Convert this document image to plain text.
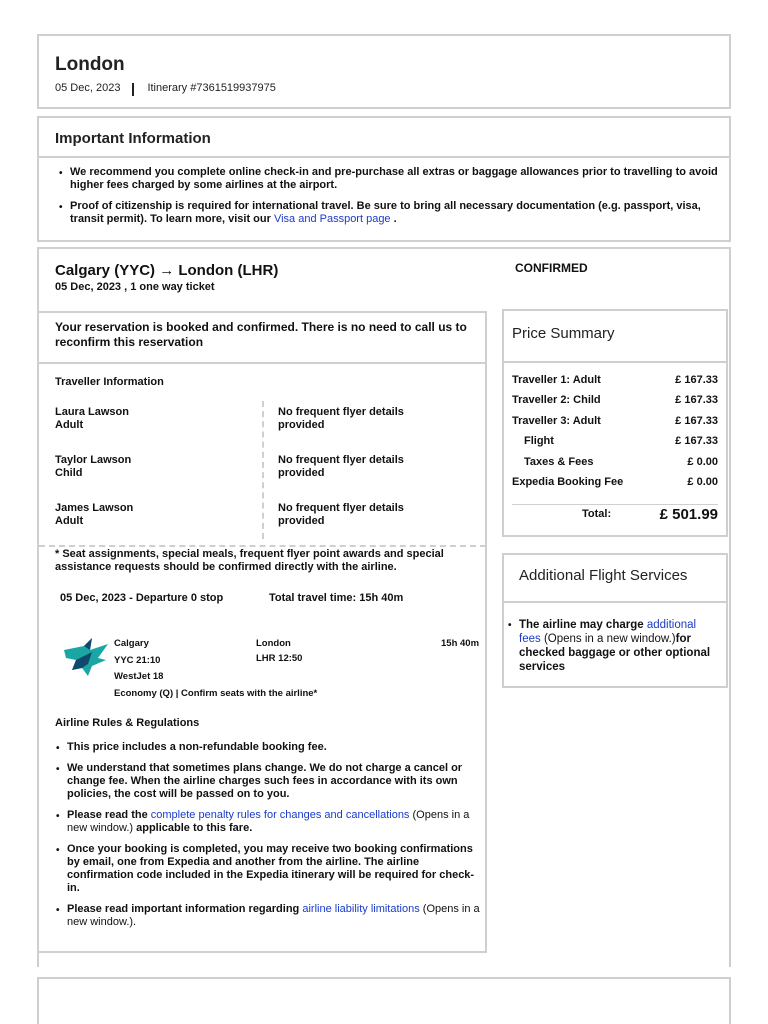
London
05 Dec, 2023 Itinerary #7361519937975
Important Information
• We recommend you complete online check-in and pre-purchase all extras or baggage allowances prior to travelling to avoid higher fees charged by some airlines at the airport.
• Proof of citizenship is required for international travel. Be sure to bring all necessary documentation (e.g. passport, visa, transit permit). To learn more, visit our Visa and Passport page .
Calgary (YYC) → London (LHR)
05 Dec, 2023 , 1 one way ticket
CONFIRMED
Your reservation is booked and confirmed. There is no need to call us to reconfirm this reservation
Traveller Information
Laura Lawson
Adult
No frequent flyer details provided
Taylor Lawson
Child
No frequent flyer details provided
James Lawson
Adult
No frequent flyer details provided
* Seat assignments, special meals, frequent flyer point awards and special assistance requests should be confirmed directly with the airline.
05 Dec, 2023 - Departure 0 stop	Total travel time: 15h 40m
Calgary
YYC 21:10
WestJet 18
Economy (Q) | Confirm seats with the airline*
London
LHR 12:50
15h 40m
Airline Rules & Regulations
• This price includes a non-refundable booking fee.
• We understand that sometimes plans change. We do not charge a cancel or change fee. When the airline charges such fees in accordance with its own policies, the cost will be passed on to you.
• Please read the complete penalty rules for changes and cancellations (Opens in a new window.) applicable to this fare.
• Once your booking is completed, you may receive two booking confirmations by email, one from Expedia and another from the airline. The airline confirmation code included in the Expedia itinerary will be required for check-in.
• Please read important information regarding airline liability limitations (Opens in a new window.).
Price Summary
Traveller 1: Adult	£ 167.33
Traveller 2: Child	£ 167.33
Traveller 3: Adult	£ 167.33
Flight	£ 167.33
Taxes & Fees	£ 0.00
Expedia Booking Fee	£ 0.00
Total:	£ 501.99
Additional Flight Services
• The airline may charge additional fees (Opens in a new window.)for checked baggage or other optional services
